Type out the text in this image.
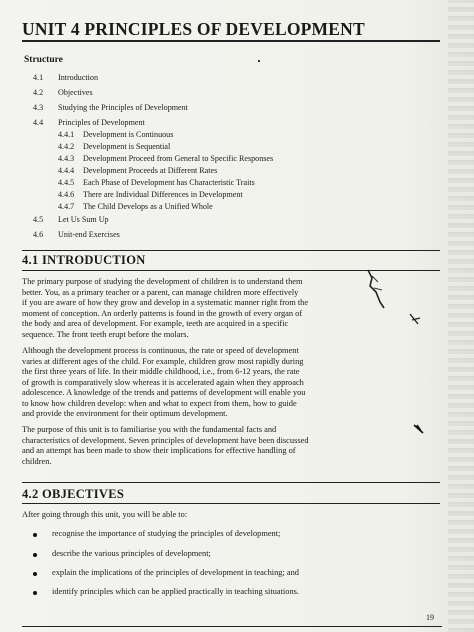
UNIT 4 PRINCIPLES OF DEVELOPMENT
Structure
4.1 Introduction
4.2 Objectives
4.3 Studying the Principles of Development
4.4 Principles of Development
4.4.1 Development is Continuous
4.4.2 Development is Sequential
4.4.3 Development Proceed from General to Specific Responses
4.4.4 Development Proceeds at Different Rates
4.4.5 Each Phase of Development has Characteristic Traits
4.4.6 There are Individual Differences in Development
4.4.7 The Child Develops as a Unified Whole
4.5 Let Us Sum Up
4.6 Unit-end Exercises
4.1 INTRODUCTION
The primary purpose of studying the development of children is to understand them
better. You, as a primary teacher or a parent, can manage children more effectively
if you are aware of how they grow and develop in a systematic manner right from the
moment of conception. An orderly patterns is found in the growth of every organ of
the body and area of development. For example, teeth are acquired in a specific
sequence. The front teeth erupt before the molars.
Although the development process is continuous, the rate or speed of development
varies at different ages of the child. For example, children grow most rapidly during
the first three years of life. In their middle childhood, i.e., from 6-12 years, the rate
of growth is comparatively slow whereas it is accelerated again when they approach
adolescence. A knowledge of the trends and patterns of development will enable you
to know how children develop: when and what to expect from them, how to guide
and provide the environment for their optimum development.
The purpose of this unit is to familiarise you with the fundamental facts and
characteristics of development. Seven principles of development have been discussed
and an attempt has been made to show their implications for effective handling of
children.
4.2 OBJECTIVES
After going through this unit, you will be able to:
recognise the importance of studying the principles of development;
describe the various principles of development;
explain the implications of the principles of development in teaching; and
identify principles which can be applied practically in teaching situations.
19
